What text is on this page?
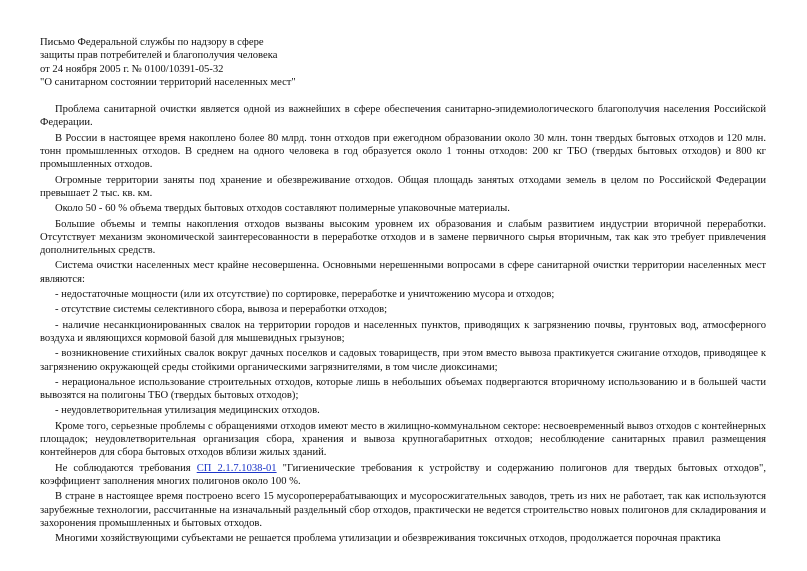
Письмо Федеральной службы по надзору в сфере
защиты прав потребителей и благополучия человека
от 24 ноября 2005 г. № 0100/10391-05-32
"О санитарном состоянии территорий населенных мест"
Проблема санитарной очистки является одной из важнейших в сфере обеспечения санитарно-эпидемиологического благополучия населения Российской Федерации.
В России в настоящее время накоплено более 80 млрд. тонн отходов при ежегодном образовании около 30 млн. тонн твердых бытовых отходов и 120 млн. тонн промышленных отходов. В среднем на одного человека в год образуется около 1 тонны отходов: 200 кг ТБО (твердых бытовых отходов) и 800 кг промышленных отходов.
Огромные территории заняты под хранение и обезвреживание отходов. Общая площадь занятых отходами земель в целом по Российской Федерации превышает 2 тыс. кв. км.
Около 50 - 60 % объема твердых бытовых отходов составляют полимерные упаковочные материалы.
Большие объемы и темпы накопления отходов вызваны высоким уровнем их образования и слабым развитием индустрии вторичной переработки. Отсутствует механизм экономической заинтересованности в переработке отходов и в замене первичного сырья вторичным, так как это требует привлечения дополнительных средств.
Система очистки населенных мест крайне несовершенна. Основными нерешенными вопросами в сфере санитарной очистки территории населенных мест являются:
- недостаточные мощности (или их отсутствие) по сортировке, переработке и уничтожению мусора и отходов;
- отсутствие системы селективного сбора, вывоза и переработки отходов;
- наличие несанкционированных свалок на территории городов и населенных пунктов, приводящих к загрязнению почвы, грунтовых вод, атмосферного воздуха и являющихся кормовой базой для мышевидных грызунов;
- возникновение стихийных свалок вокруг дачных поселков и садовых товариществ, при этом вместо вывоза практикуется сжигание отходов, приводящее к загрязнению окружающей среды стойкими органическими загрязнителями, в том числе диоксинами;
- нерациональное использование строительных отходов, которые лишь в небольших объемах подвергаются вторичному использованию и в большей части вывозятся на полигоны ТБО (твердых бытовых отходов);
- неудовлетворительная утилизация медицинских отходов.
Кроме того, серьезные проблемы с обращениями отходов имеют место в жилищно-коммунальном секторе: несвоевременный вывоз отходов с контейнерных площадок; неудовлетворительная организация сбора, хранения и вывоза крупногабаритных отходов; несоблюдение санитарных правил размещения контейнеров для сбора бытовых отходов вблизи жилых зданий.
Не соблюдаются требования СП 2.1.7.1038-01 "Гигиенические требования к устройству и содержанию полигонов для твердых бытовых отходов", коэффициент заполнения многих полигонов около 100 %.
В стране в настоящее время построено всего 15 мусороперерабатывающих и мусоросжигательных заводов, треть из них не работает, так как используются зарубежные технологии, рассчитанные на изначальный раздельный сбор отходов, практически не ведется строительство новых полигонов для складирования и захоронения промышленных и бытовых отходов.
Многими хозяйствующими субъектами не решается проблема утилизации и обезвреживания токсичных отходов, продолжается порочная практика
